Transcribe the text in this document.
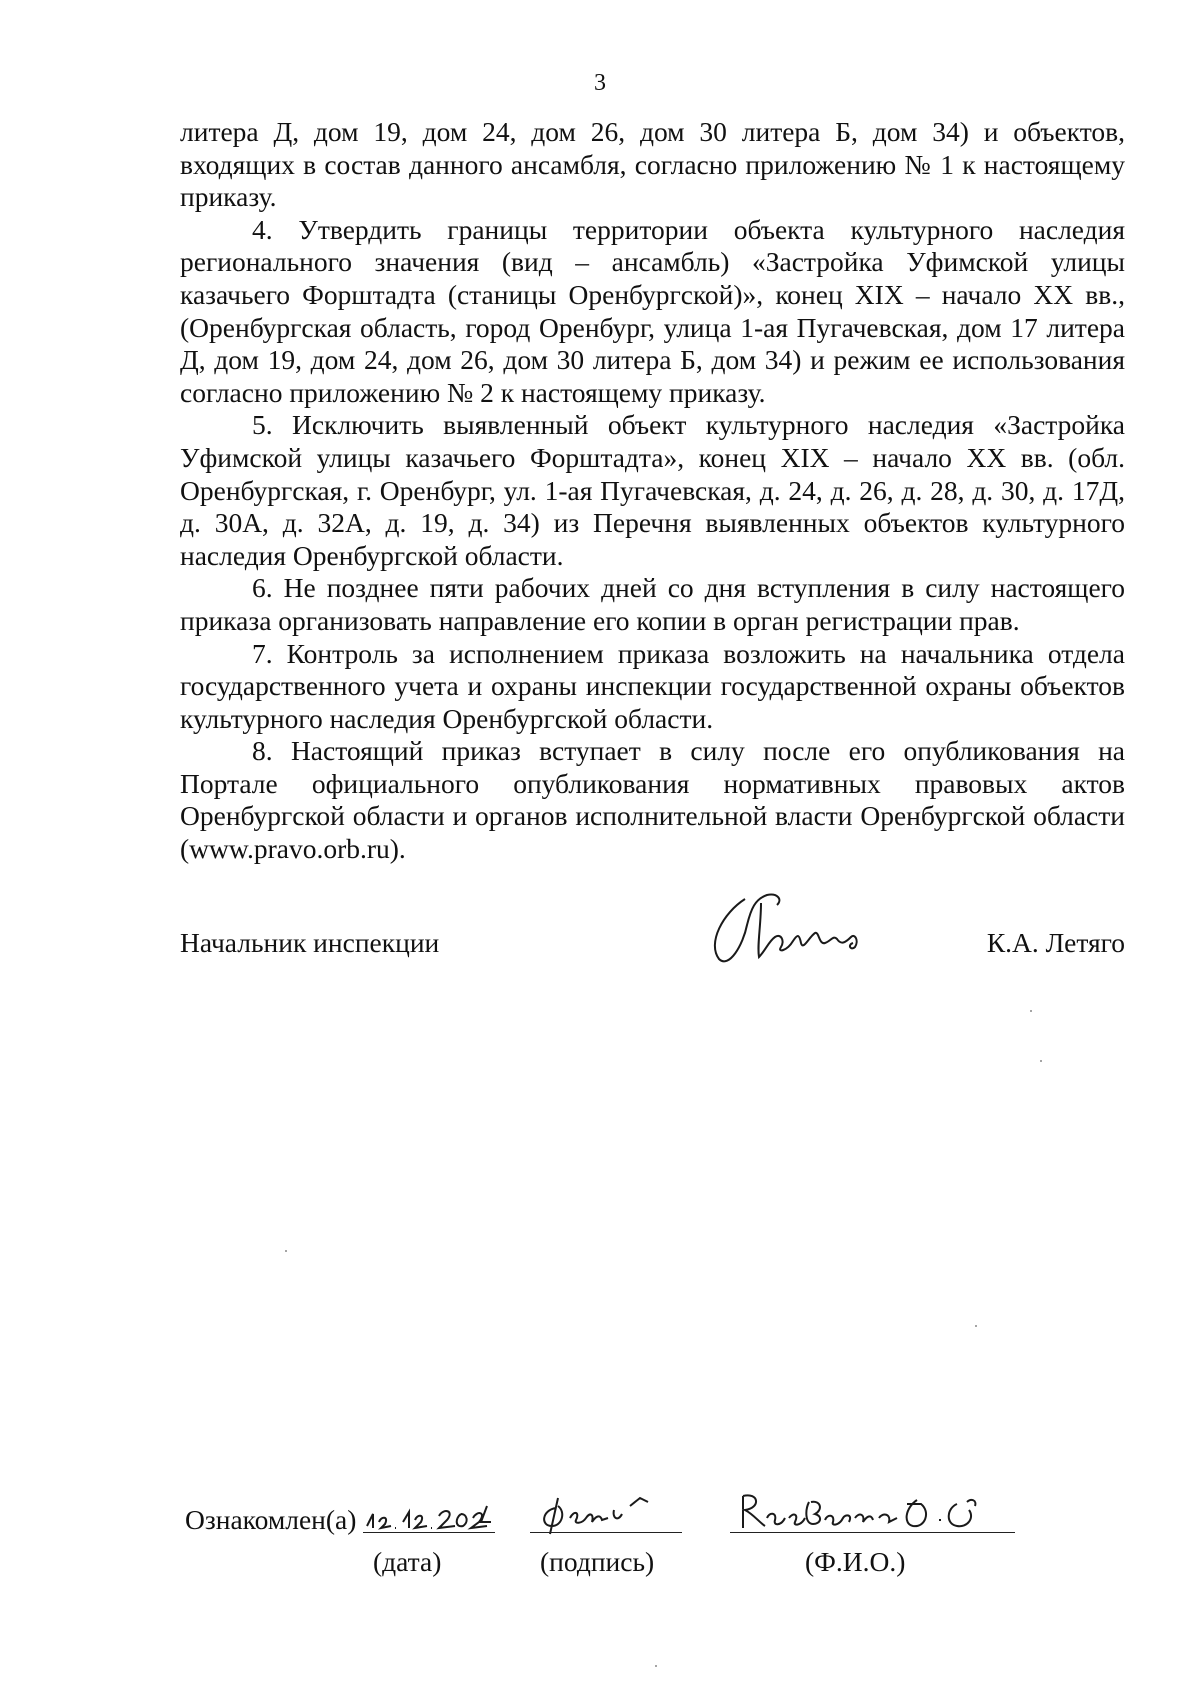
3

литера Д, дом 19, дом 24, дом 26, дом 30 литера Б, дом 34) и объектов, входящих в состав данного ансамбля, согласно приложению № 1 к настоящему приказу.

4. Утвердить границы территории объекта культурного наследия регионального значения (вид – ансамбль) «Застройка Уфимской улицы казачьего Форштадта (станицы Оренбургской)», конец XIX – начало XX вв., (Оренбургская область, город Оренбург, улица 1-ая Пугачевская, дом 17 литера Д, дом 19, дом 24, дом 26, дом 30 литера Б, дом 34) и режим ее использования согласно приложению № 2 к настоящему приказу.

5. Исключить выявленный объект культурного наследия «Застройка Уфимской улицы казачьего Форштадта», конец XIX – начало XX вв. (обл. Оренбургская, г. Оренбург, ул. 1-ая Пугачевская, д. 24, д. 26, д. 28, д. 30, д. 17Д, д. 30А, д. 32А, д. 19, д. 34) из Перечня выявленных объектов культурного наследия Оренбургской области.

6. Не позднее пяти рабочих дней со дня вступления в силу настоящего приказа организовать направление его копии в орган регистрации прав.

7. Контроль за исполнением приказа возложить на начальника отдела государственного учета и охраны инспекции государственной охраны объектов культурного наследия Оренбургской области.

8. Настоящий приказ вступает в силу после его опубликования на Портале официального опубликования нормативных правовых актов Оренбургской области и органов исполнительной власти Оренбургской области (www.pravo.orb.ru).

Начальник инспекции	К.А. Летяго
Ознакомлен(а)
(дата)	(подпись)	(Ф.И.О.)
